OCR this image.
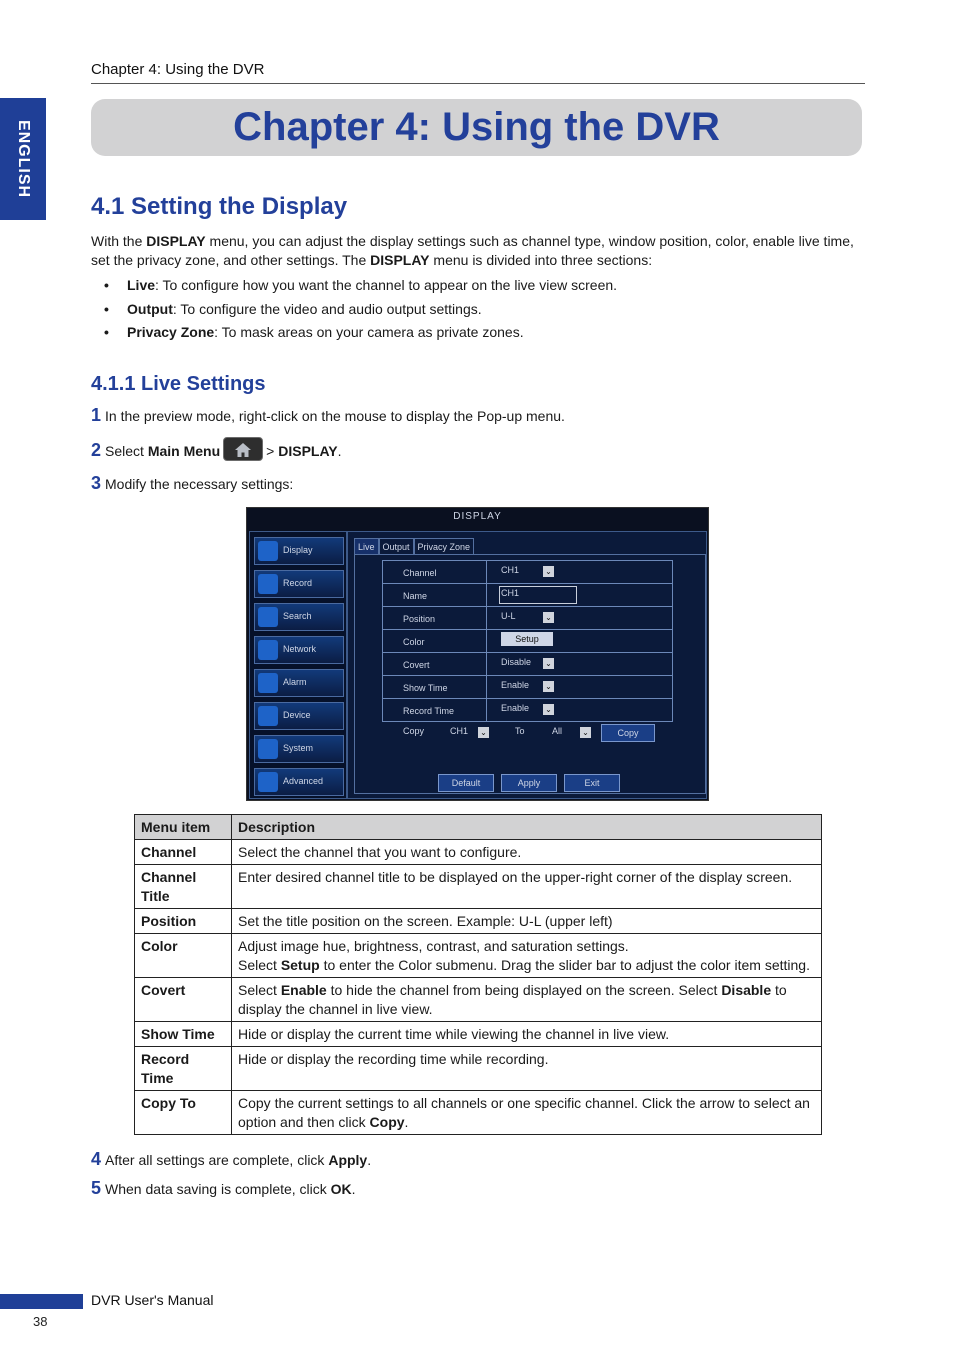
Chapter 4: Using the DVR
ENGLISH	Chapter 4: Using the DVR
4.1 Setting the Display

With the DISPLAY menu, you can adjust the display settings such as channel type, window position, color, enable live time, set the privacy zone, and other settings. The DISPLAY menu is divided into three sections:

• Live: To configure how you want the channel to appear on the live view screen.
• Output: To configure the video and audio output settings.
• Privacy Zone: To mask areas on your camera as private zones.
4.1.1 Live Settings
1 In the preview mode, right-click on the mouse to display the Pop-up menu.
2 Select
Main Menu	>
DISPLAY .
3 Modify the necessary settings:
DISPLAY
Display
Record
Search
Network
Alarm
Device
System
Advanced
Live Output Privacy Zone
Channel	CH1	⌄
Name	CH1
Position	U-L	⌄
Color	Setup
Covert	Disable ⌄
Show Time	Enable ⌄
Record Time	Enable ⌄
Copy	CH1 ⌄	To	All	⌄	Copy
Default	Apply	Exit
Menu item	Description
Channel	Select the channel that you want to configure.
Channel Title	Enter desired channel title to be displayed on the upper-right corner of the display screen.
Position	Set the title position on the screen. Example: U-L (upper left)
Color	Adjust image hue, brightness, contrast, and saturation settings.
Select Setup to enter the Color submenu. Drag the slider bar to adjust the color item setting.
Covert	Select Enable to hide the channel from being displayed on the screen. Select Disable to display the channel in live view.
Show Time	Hide or display the current time while viewing the channel in live view.
Record Time	Hide or display the recording time while recording.
Copy To	Copy the current settings to all channels or one specific channel. Click the arrow to select an option and then click Copy.
4 After all settings are complete, click
Apply .
5 When data saving is complete, click
OK .
DVR User's Manual
38
